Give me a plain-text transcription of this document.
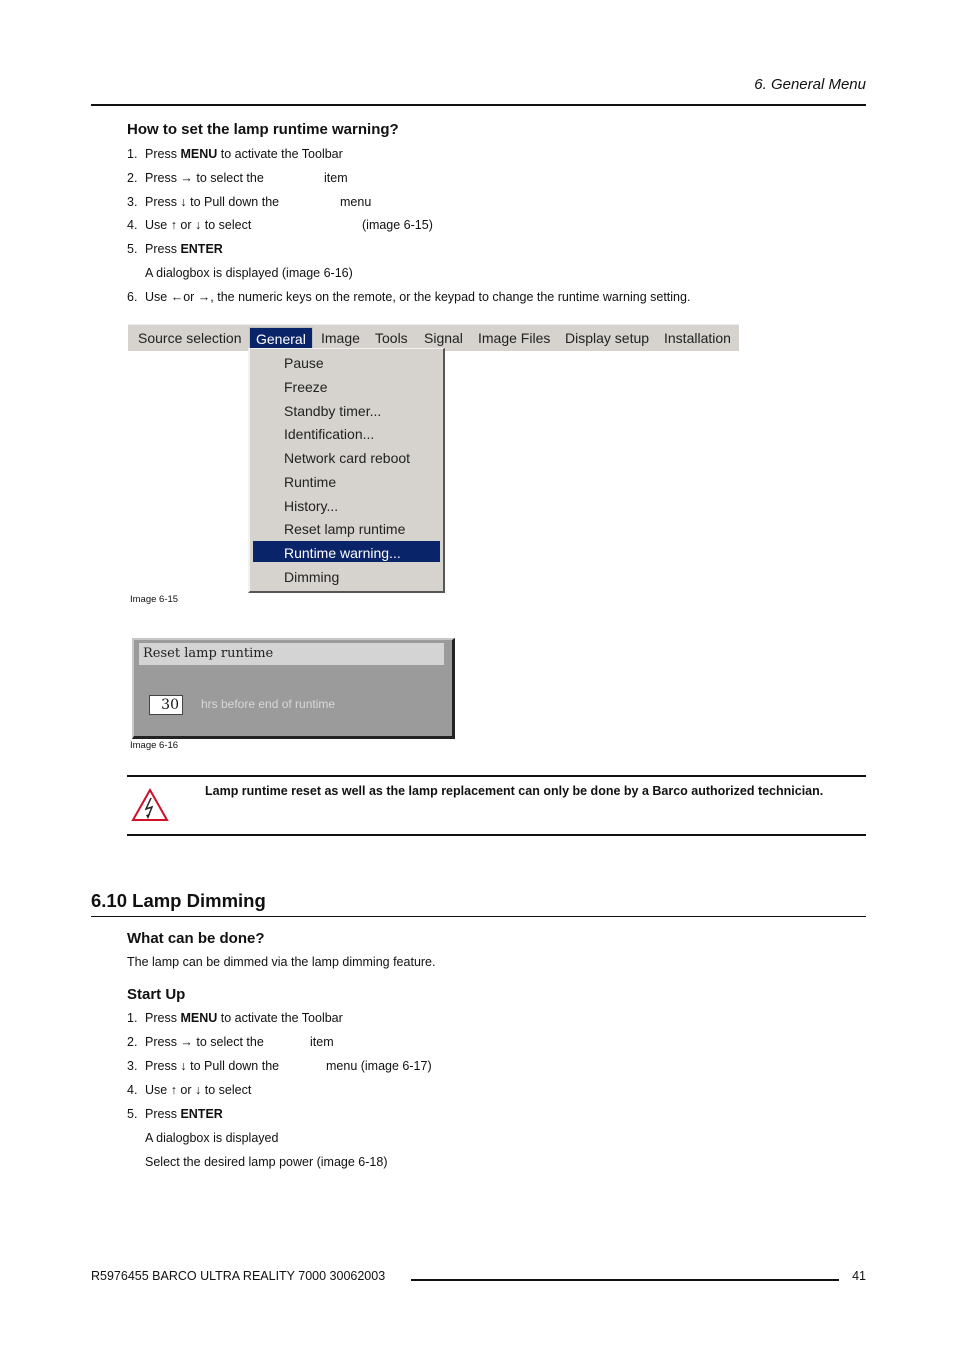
6. General Menu
How to set the lamp runtime warning?
1. Press MENU to activate the Toolbar
2. Press → to select the	item
3. Press ↓ to Pull down the	menu
4. Use ↑ or ↓ to select	(image 6-15)
5. Press ENTER
A dialogbox is displayed (image 6-16)
6. Use ←or →, the numeric keys on the remote, or the keypad to change the runtime warning setting.
Source selection	General	Image Tools Signal Image Files Display setup Installation
Pause
Freeze
Standby timer...
Identification...
Network card reboot
Runtime
History...
Reset lamp runtime
Runtime warning...
Dimming
Image 6-15
Reset lamp runtime
30	hrs before end of runtime
Image 6-16
Lamp runtime reset as well as the lamp replacement can only be done by a Barco authorized technician.
6.10 Lamp Dimming
What can be done?
The lamp can be dimmed via the lamp dimming feature.
Start Up
1. Press MENU to activate the Toolbar
2. Press → to select the	item
3. Press ↓ to Pull down the	menu (image 6-17)
4. Use ↑ or ↓ to select
5. Press ENTER
A dialogbox is displayed
Select the desired lamp power (image 6-18)
R5976455 BARCO ULTRA REALITY 7000 30062003	41
